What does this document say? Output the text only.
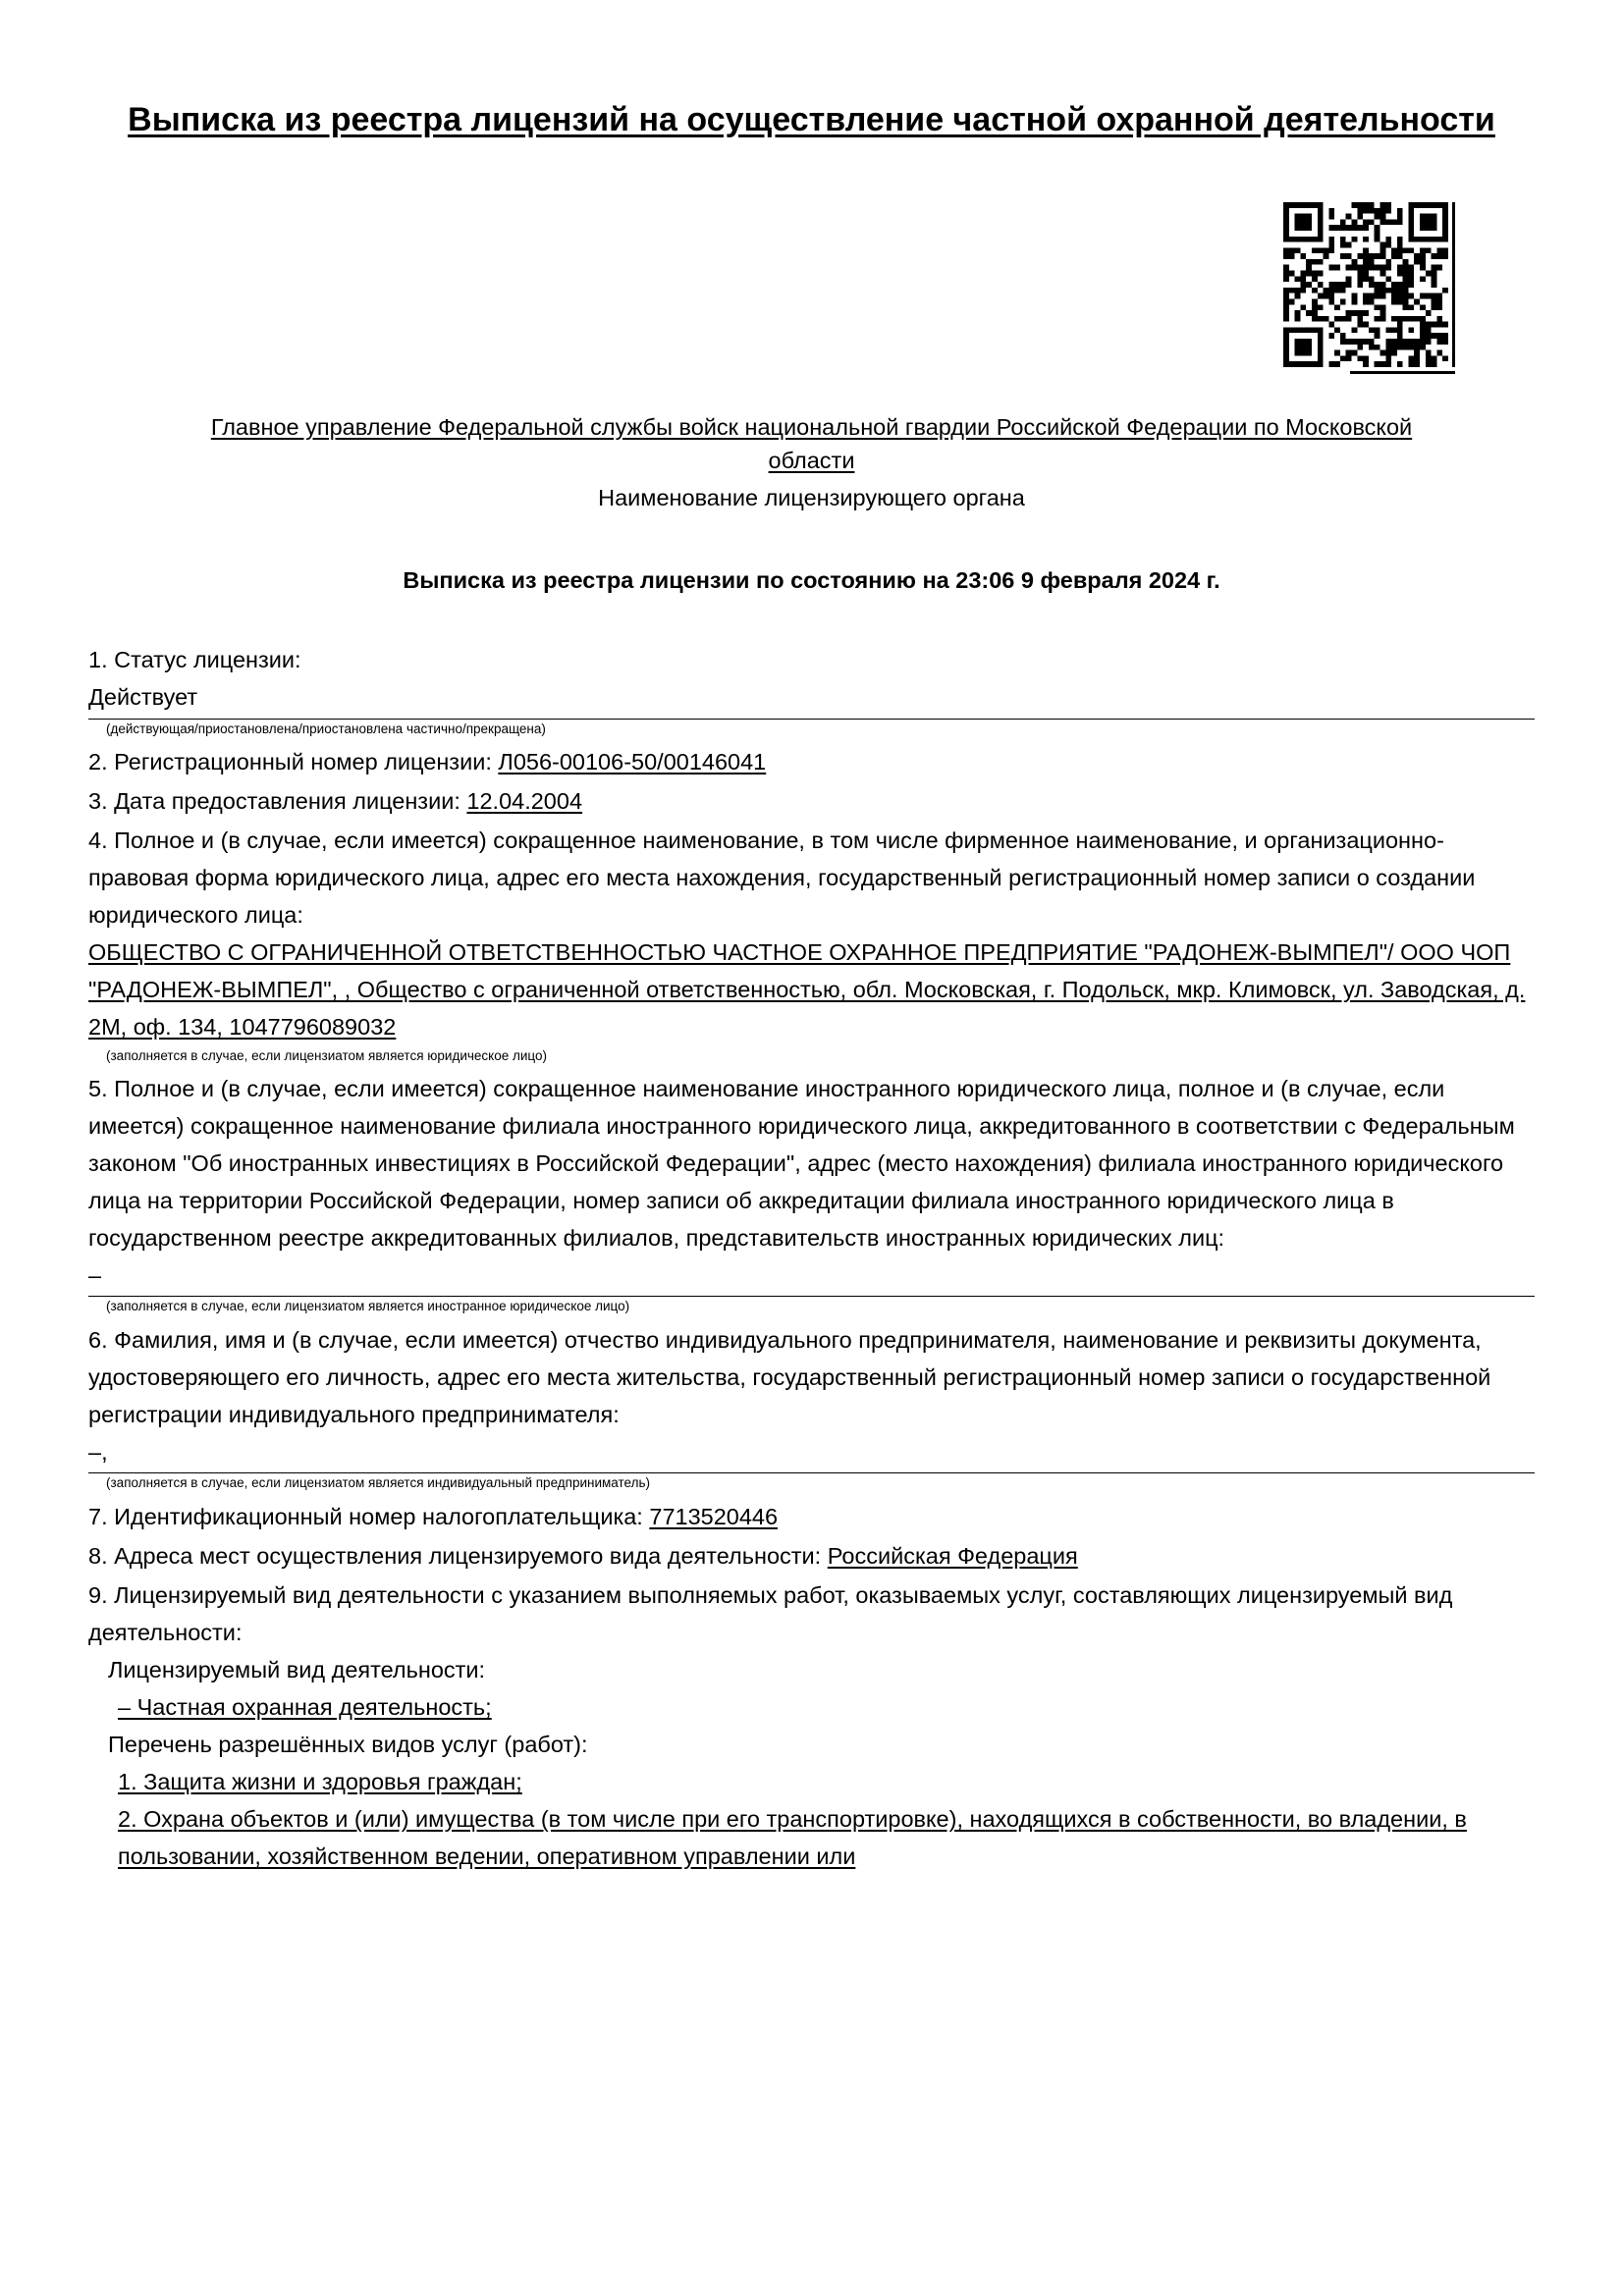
Выписка из реестра лицензий на осуществление частной охранной деятельности
Главное управление Федеральной службы войск национальной гвардии Российской Федерации по Московской области
Наименование лицензирующего органа
Выписка из реестра лицензии по состоянию на 23:06 9 февраля 2024 г.
1. Статус лицензии:
Действует
(действующая/приостановлена/приостановлена частично/прекращена)
2. Регистрационный номер лицензии: Л056-00106-50/00146041
3. Дата предоставления лицензии: 12.04.2004
4. Полное и (в случае, если имеется) сокращенное наименование, в том числе фирменное наименование, и организационно-правовая форма юридического лица, адрес его места нахождения, государственный регистрационный номер записи о создании юридического лица:
ОБЩЕСТВО С ОГРАНИЧЕННОЙ ОТВЕТСТВЕННОСТЬЮ ЧАСТНОЕ ОХРАННОЕ ПРЕДПРИЯТИЕ "РАДОНЕЖ-ВЫМПЕЛ"/ ООО ЧОП "РАДОНЕЖ-ВЫМПЕЛ", , Общество с ограниченной ответственностью, обл. Московская, г. Подольск, мкр. Климовск, ул. Заводская, д. 2М, оф. 134, 1047796089032
(заполняется в случае, если лицензиатом является юридическое лицо)
5. Полное и (в случае, если имеется) сокращенное наименование иностранного юридического лица, полное и (в случае, если имеется) сокращенное наименование филиала иностранного юридического лица, аккредитованного в соответствии с Федеральным законом "Об иностранных инвестициях в Российской Федерации", адрес (место нахождения) филиала иностранного юридического лица на территории Российской Федерации, номер записи об аккредитации филиала иностранного юридического лица в государственном реестре аккредитованных филиалов, представительств иностранных юридических лиц:
–
(заполняется в случае, если лицензиатом является иностранное юридическое лицо)
6. Фамилия, имя и (в случае, если имеется) отчество индивидуального предпринимателя, наименование и реквизиты документа, удостоверяющего его личность, адрес его места жительства, государственный регистрационный номер записи о государственной регистрации индивидуального предпринимателя:
–,
(заполняется в случае, если лицензиатом является индивидуальный предприниматель)
7. Идентификационный номер налогоплательщика: 7713520446
8. Адреса мест осуществления лицензируемого вида деятельности: Российская Федерация
9. Лицензируемый вид деятельности с указанием выполняемых работ, оказываемых услуг, составляющих лицензируемый вид деятельности:
Лицензируемый вид деятельности:
– Частная охранная деятельность;
Перечень разрешённых видов услуг (работ):
1. Защита жизни и здоровья граждан;
2. Охрана объектов и (или) имущества (в том числе при его транспортировке), находящихся в собственности, во владении, в пользовании, хозяйственном ведении, оперативном управлении или
